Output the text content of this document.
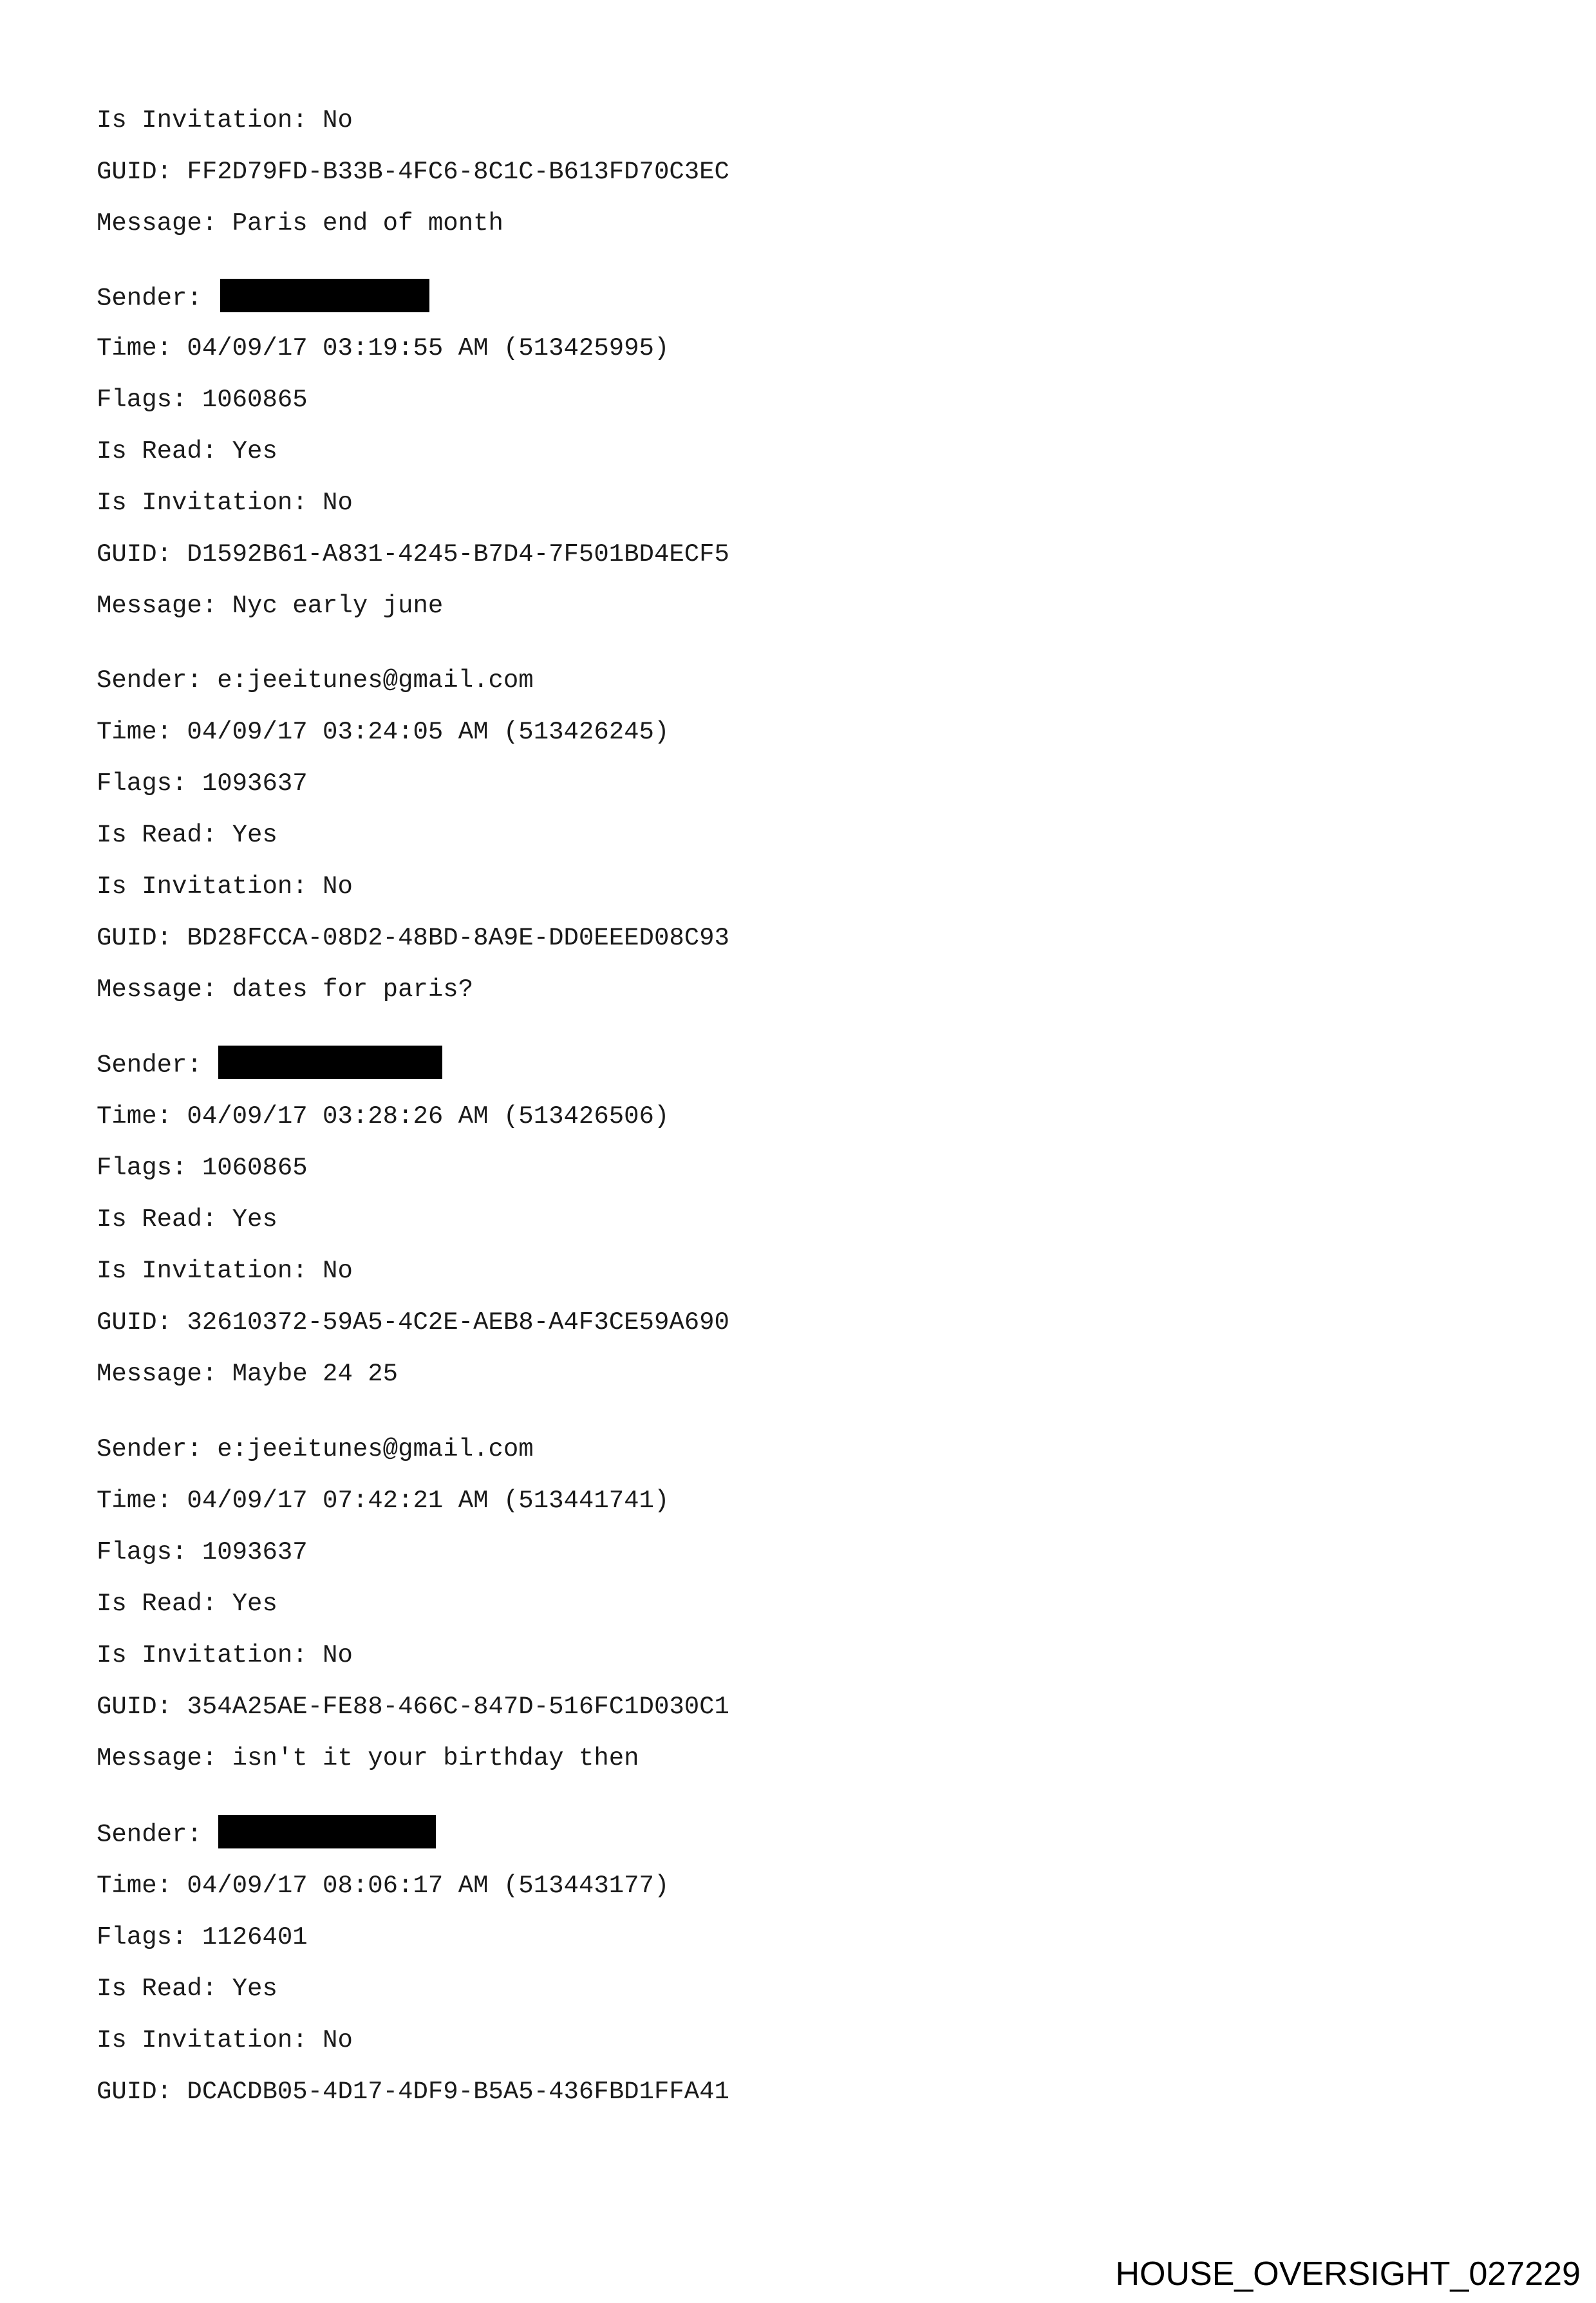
Is Invitation: No
GUID: FF2D79FD-B33B-4FC6-8C1C-B613FD70C3EC
Message: Paris end of month
Sender:
Time: 04/09/17 03:19:55 AM (513425995)
Flags: 1060865
Is Read: Yes
Is Invitation: No
GUID: D1592B61-A831-4245-B7D4-7F501BD4ECF5
Message: Nyc early june
Sender: e:jeeitunes@gmail.com
Time: 04/09/17 03:24:05 AM (513426245)
Flags: 1093637
Is Read: Yes
Is Invitation: No
GUID: BD28FCCA-08D2-48BD-8A9E-DD0EEED08C93
Message: dates for paris?
Sender:
Time: 04/09/17 03:28:26 AM (513426506)
Flags: 1060865
Is Read: Yes
Is Invitation: No
GUID: 32610372-59A5-4C2E-AEB8-A4F3CE59A690
Message: Maybe 24 25
Sender: e:jeeitunes@gmail.com
Time: 04/09/17 07:42:21 AM (513441741)
Flags: 1093637
Is Read: Yes
Is Invitation: No
GUID: 354A25AE-FE88-466C-847D-516FC1D030C1
Message: isn't it your birthday then
Sender:
Time: 04/09/17 08:06:17 AM (513443177)
Flags: 1126401
Is Read: Yes
Is Invitation: No
GUID: DCACDB05-4D17-4DF9-B5A5-436FBD1FFA41
HOUSE_OVERSIGHT_027229
